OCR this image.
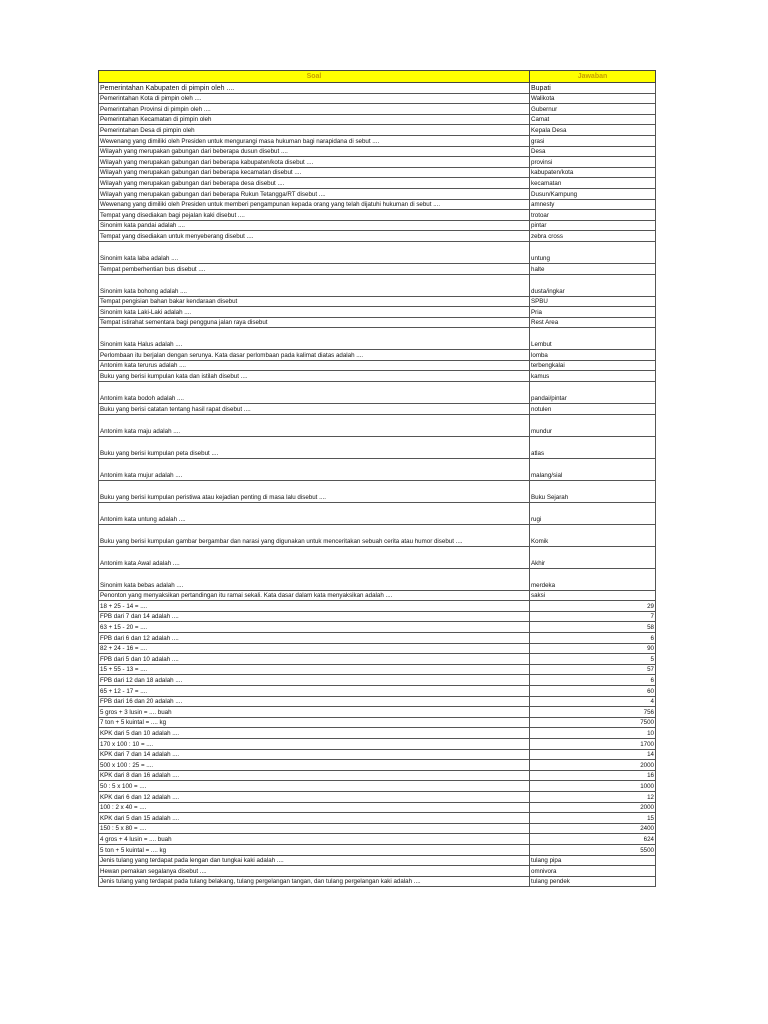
Soal	Jawaban
Pemerintahan Kabupaten di pimpin oleh ....	Bupati
Pemerintahan Kota di pimpin oleh ....	Walikota
Pemerintahan Provinsi di pimpin oleh ....	Gubernur
Pemerintahan Kecamatan di pimpin oleh	Camat
Pemerintahan Desa di pimpin oleh	Kepala Desa
Wewenang yang dimiliki oleh Presiden untuk mengurangi masa hukuman bagi narapidana di sebut ....	grasi
Wilayah yang merupakan gabungan dari beberapa dusun disebut ....	Desa
Wilayah yang merupakan gabungan dari beberapa kabupaten/kota disebut ....	provinsi
Wilayah yang merupakan gabungan dari beberapa kecamatan disebut ....	kabupaten/kota
Wilayah yang merupakan gabungan dari beberapa desa disebut ....	kecamatan
Wilayah yang merupakan gabungan dari beberapa Rukun Tetangga/RT disebut ....	Dusun/Kampung
Wewenang yang dimiliki oleh Presiden untuk memberi pengampunan kepada orang yang telah dijatuhi hukuman di sebut ....	amnesty
Tempat yang disediakan bagi pejalan kaki disebut ....	trotoar
Sinonim kata pandai adalah ....	pintar
Tempat yang disediakan untuk menyeberang disebut ....	zebra cross
Sinonim kata laba adalah ....	untung
Tempat pemberhentian bus disebut ....	halte
Sinonim kata bohong adalah ....	dusta/ingkar
Tempat pengisian bahan bakar kendaraan disebut	SPBU
Sinonim kata Laki-Laki adalah ....	Pria
Tempat istirahat sementara bagi pengguna jalan raya disebut	Rest Area
Sinonim kata Halus adalah ....	Lembut
Perlombaan itu berjalan dengan serunya. Kata dasar perlombaan pada kalimat diatas adalah ....	lomba
Antonim kata terurus adalah ....	terbengkalai
Buku yang berisi kumpulan kata dan istilah disebut ....	kamus
Antonim kata bodoh adalah ....	pandai/pintar
Buku yang berisi catatan tentang hasil rapat disebut ....	notulen
Antonim kata maju adalah ....	mundur
Buku yang berisi kumpulan peta disebut ....	atlas
Antonim kata mujur adalah ....	malang/sial
Buku yang berisi kumpulan peristiwa atau kejadian penting di masa lalu disebut ....	Buku Sejarah
Antonim kata untung adalah ....	rugi
Buku yang berisi kumpulan gambar bergambar dan narasi yang digunakan untuk menceritakan sebuah cerita atau humor disebut ....	Komik
Antonim kata Awal adalah ....	Akhir
Sinonim kata bebas adalah ....	merdeka
Penonton yang menyaksikan pertandingan itu ramai sekali. Kata dasar dalam kata menyaksikan adalah ....	saksi
18 + 25 - 14 = ....	29
FPB dari 7 dan 14 adalah ....	7
63 + 15 - 20 = ....	58
FPB dari 6 dan 12 adalah ....	6
82 + 24 - 16 = ....	90
FPB dari 5 dan 10 adalah ....	5
15 + 55 - 13 = ....	57
FPB dari 12 dan 18 adalah ....	6
65 + 12 - 17 = ....	60
FPB dari 16 dan 20 adalah ....	4
5 gros + 3 lusin = .... buah	756
7 ton + 5 kuintal = .... kg	7500
KPK dari 5 dan 10 adalah ....	10
170 x 100 : 10 = ....	1700
KPK dari 7 dan 14 adalah ....	14
500 x 100 : 25 = ....	2000
KPK dari 8 dan 16 adalah ....	16
50 : 5 x 100 = ....	1000
KPK dari 6 dan 12 adalah ....	12
100 : 2 x 40 = ....	2000
KPK dari 5 dan 15 adalah ....	15
150 : 5 x 80 = ....	2400
4 gros + 4 lusin = .... buah	624
5 ton + 5 kuintal = .... kg	5500
Jenis tulang yang terdapat pada lengan dan tungkai kaki adalah ....	tulang pipa
Hewan pemakan segalanya disebut ....	omnivora
Jenis tulang yang terdapat pada tulang belakang, tulang pergelangan tangan, dan tulang pergelangan kaki adalah ....	tulang pendek
